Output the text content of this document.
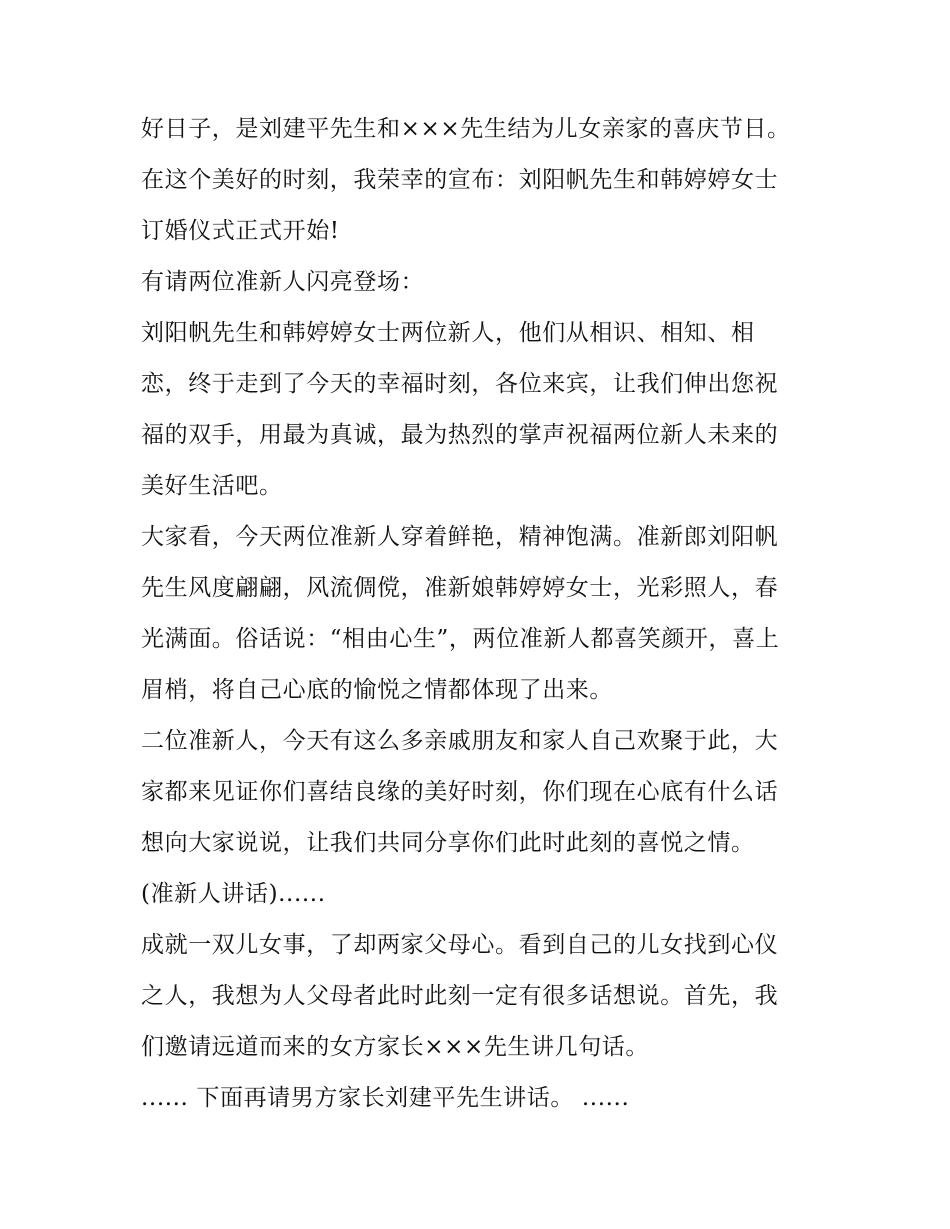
好日子，是刘建平先生和×××先生结为儿女亲家的喜庆节日。
在这个美好的时刻，我荣幸的宣布：刘阳帆先生和韩婷婷女士
订婚仪式正式开始!
有请两位准新人闪亮登场：
刘阳帆先生和韩婷婷女士两位新人，他们从相识、相知、相
恋，终于走到了今天的幸福时刻，各位来宾，让我们伸出您祝
福的双手，用最为真诚，最为热烈的掌声祝福两位新人未来的
美好生活吧。
大家看，今天两位准新人穿着鲜艳，精神饱满。准新郎刘阳帆
先生风度翩翩，风流倜傥，准新娘韩婷婷女士，光彩照人，春
光满面。俗话说：“相由心生”，两位准新人都喜笑颜开，喜上
眉梢，将自己心底的愉悦之情都体现了出来。
二位准新人，今天有这么多亲戚朋友和家人自己欢聚于此，大
家都来见证你们喜结良缘的美好时刻，你们现在心底有什么话
想向大家说说，让我们共同分享你们此时此刻的喜悦之情。
(准新人讲话)......
成就一双儿女事，了却两家父母心。看到自己的儿女找到心仪
之人，我想为人父母者此时此刻一定有很多话想说。首先，我
们邀请远道而来的女方家长×××先生讲几句话。
...... 下面再请男方家长刘建平先生讲话。 ......
